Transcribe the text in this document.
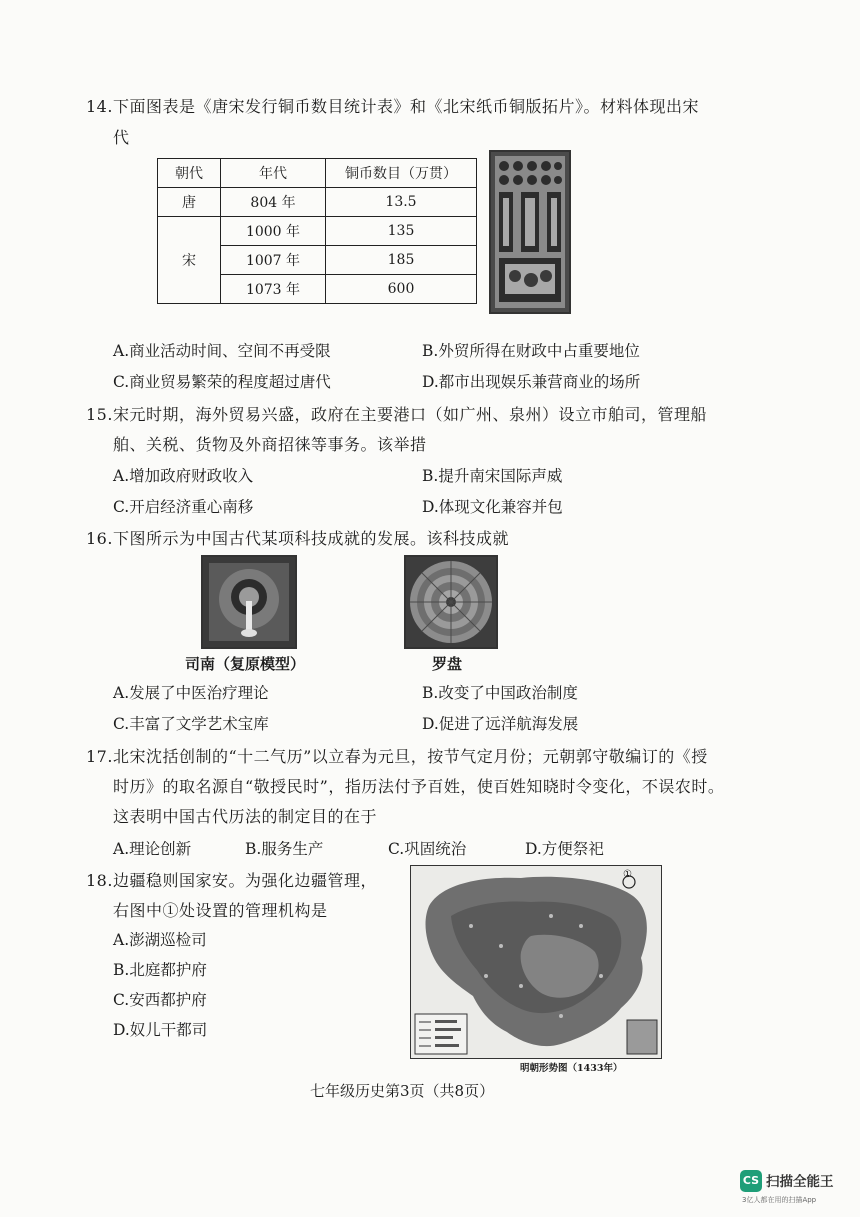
14.下面图表是《唐宋发行铜币数目统计表》和《北宋纸币铜版拓片》。材料体现出宋
代
朝代	年代	铜币数目（万贯）
唐	804 年	13.5
宋	1000 年	135
	1007 年	185
	1073 年	600
A.商业活动时间、空间不再受限	B.外贸所得在财政中占重要地位
C.商业贸易繁荣的程度超过唐代	D.都市出现娱乐兼营商业的场所
15.宋元时期，海外贸易兴盛，政府在主要港口（如广州、泉州）设立市舶司，管理船
舶、关税、货物及外商招徕等事务。该举措
A.增加政府财政收入	B.提升南宋国际声威
C.开启经济重心南移	D.体现文化兼容并包
16.下图所示为中国古代某项科技成就的发展。该科技成就
司南（复原模型）	罗盘
A.发展了中医治疗理论	B.改变了中国政治制度
C.丰富了文学艺术宝库	D.促进了远洋航海发展
17.北宋沈括创制的“十二气历”以立春为元旦，按节气定月份；元朝郭守敬编订的《授
时历》的取名源自“敬授民时”，指历法付予百姓，使百姓知晓时令变化，不误农时。
这表明中国古代历法的制定目的在于
A.理论创新	B.服务生产	C.巩固统治	D.方便祭祀
18.边疆稳则国家安。为强化边疆管理，
右图中①处设置的管理机构是
A.澎湖巡检司
B.北庭都护府
C.安西都护府
D.奴儿干都司
①
明朝形势图（1433年）
七年级历史第3页（共8页）
CS 扫描全能王
3亿人都在用的扫描App
